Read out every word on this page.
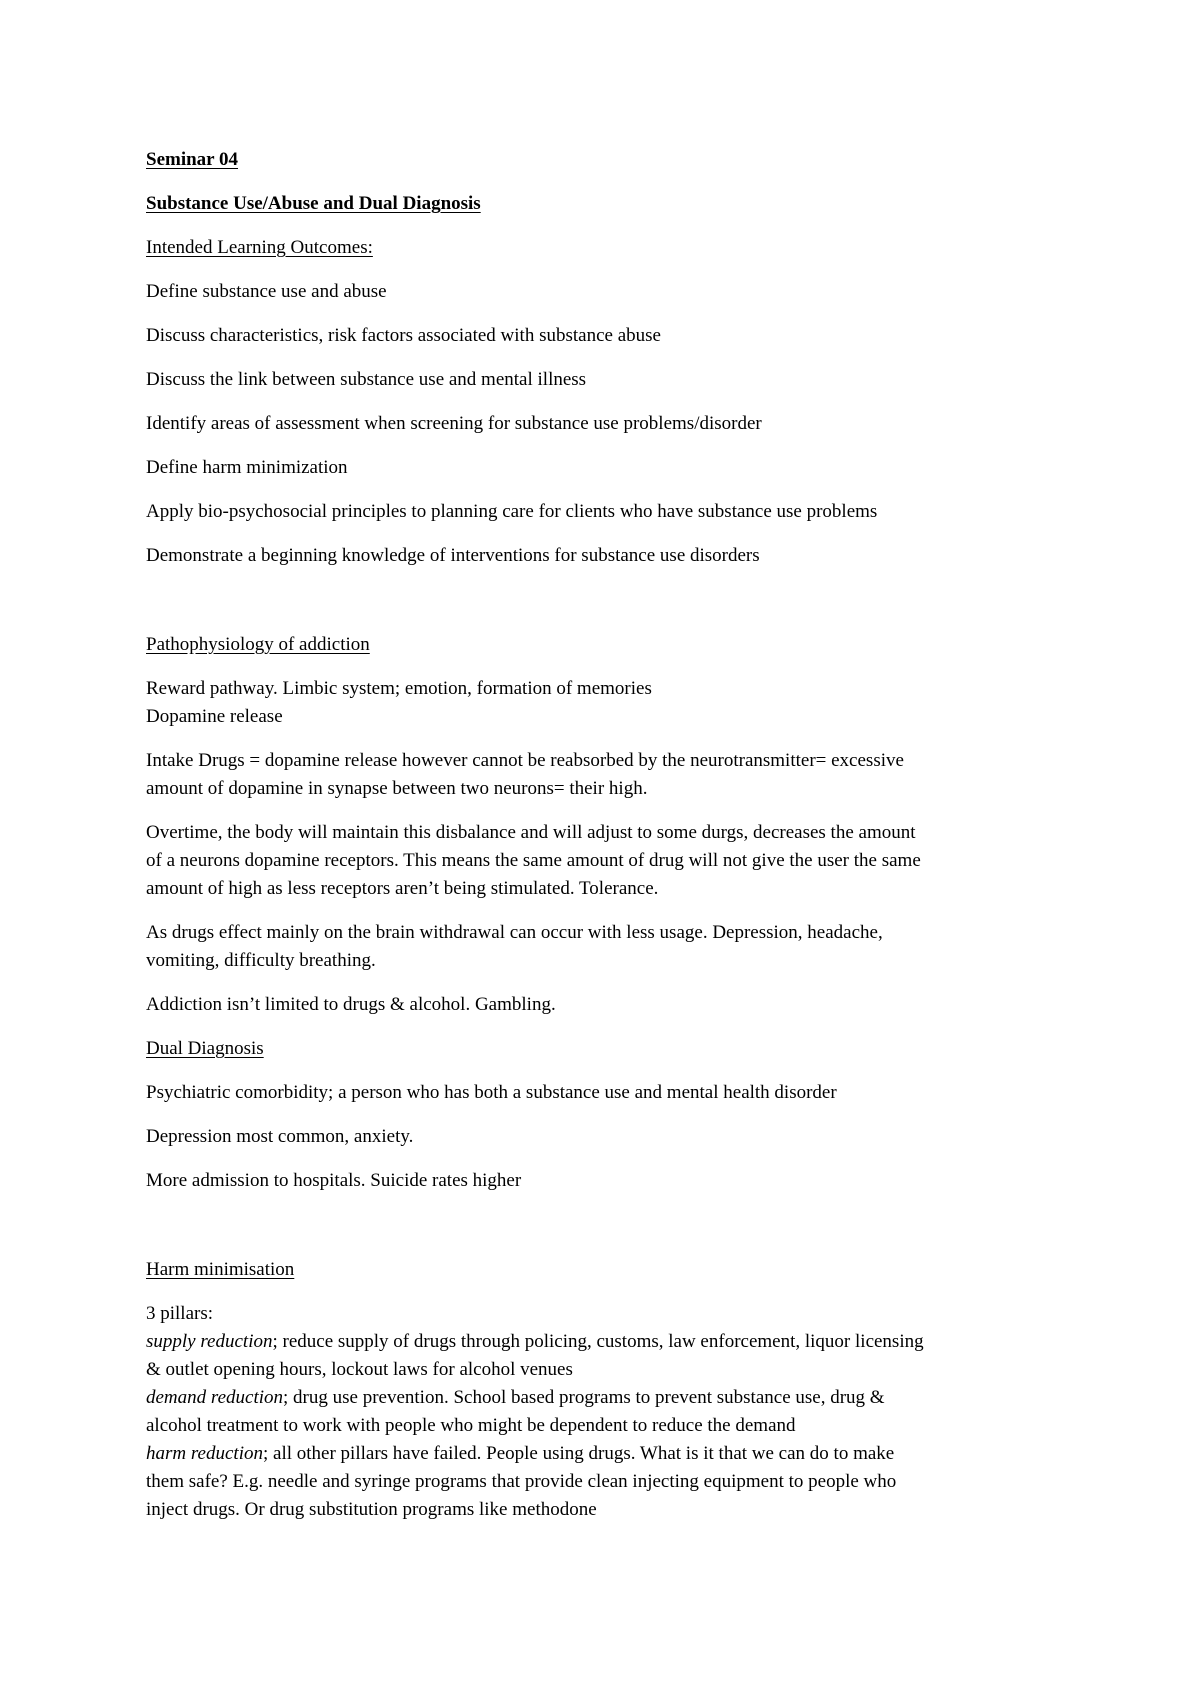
Seminar 04
Substance Use/Abuse and Dual Diagnosis
Intended Learning Outcomes:
Define substance use and abuse
Discuss characteristics, risk factors associated with substance abuse
Discuss the link between substance use and mental illness
Identify areas of assessment when screening for substance use problems/disorder
Define harm minimization
Apply bio-psychosocial principles to planning care for clients who have substance use problems
Demonstrate a beginning knowledge of interventions for substance use disorders
Pathophysiology of addiction
Reward pathway. Limbic system; emotion, formation of memories
Dopamine release
Intake Drugs = dopamine release however cannot be reabsorbed by the neurotransmitter= excessive
amount of dopamine in synapse between two neurons= their high.
Overtime, the body will maintain this disbalance and will adjust to some durgs, decreases the amount
of a neurons dopamine receptors. This means the same amount of drug will not give the user the same
amount of high as less receptors aren’t being stimulated. Tolerance.
As drugs effect mainly on the brain withdrawal can occur with less usage. Depression, headache,
vomiting, difficulty breathing.
Addiction isn’t limited to drugs & alcohol. Gambling.
Dual Diagnosis
Psychiatric comorbidity; a person who has both a substance use and mental health disorder
Depression most common, anxiety.
More admission to hospitals. Suicide rates higher
Harm minimisation
3 pillars:
supply reduction; reduce supply of drugs through policing, customs, law enforcement, liquor licensing
& outlet opening hours, lockout laws for alcohol venues
demand reduction; drug use prevention. School based programs to prevent substance use, drug &
alcohol treatment to work with people who might be dependent to reduce the demand
harm reduction; all other pillars have failed. People using drugs. What is it that we can do to make
them safe? E.g. needle and syringe programs that provide clean injecting equipment to people who
inject drugs. Or drug substitution programs like methodone
